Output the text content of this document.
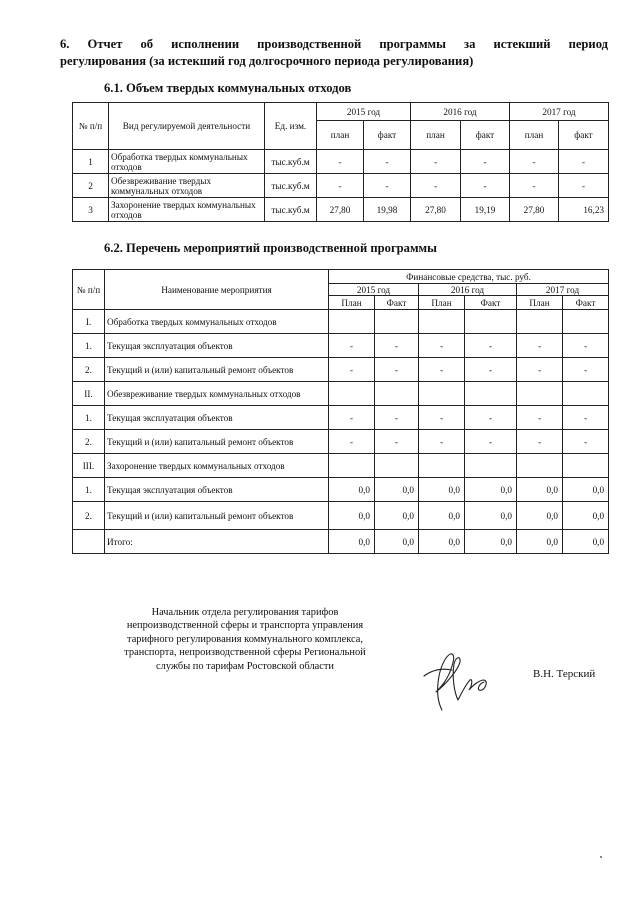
6. Отчет об исполнении производственной программы за истекший период
регулирования (за истекший год долгосрочного периода регулирования)
6.1. Объем твердых коммунальных отходов
№ п/п	Вид регулируемой деятельности	Ед. изм.	2015 год		2016 год		2017 год	
			план	факт	план	факт	план	факт
1	Обработка твердых коммунальных отходов	тыс.куб.м	-	-	-	-	-	-
2	Обезвреживание твердых коммунальных отходов	тыс.куб.м	-	-	-	-	-	-
3	Захоронение твердых коммунальных отходов	тыс.куб.м	27,80	19,98	27,80	19,19	27,80	16,23
6.2. Перечень мероприятий производственной программы
№ п/п	Наименование мероприятия	Финансовые средства, тыс. руб.					
		2015 год		2016 год		2017 год	
		План	Факт	План	Факт	План	Факт
I.	Обработка твердых коммунальных отходов						
1.	Текущая эксплуатация объектов	-	-	-	-	-	-
2.	Текущий и (или) капитальный ремонт объектов	-	-	-	-	-	-
II.	Обезвреживание твердых коммунальных отходов						
1.	Текущая эксплуатация объектов	-	-	-	-	-	-
2.	Текущий и (или) капитальный ремонт объектов	-	-	-	-	-	-
III.	Захоронение твердых коммунальных отходов						
1.	Текущая эксплуатация объектов	0,0	0,0	0,0	0,0	0,0	0,0
2.	Текущий и (или) капитальный ремонт объектов	0,0	0,0	0,0	0,0	0,0	0,0
	Итого:	0,0	0,0	0,0	0,0	0,0	0,0
Начальник отдела регулирования тарифов
непроизводственной сферы и транспорта управления
тарифного регулирования коммунального комплекса,
транспорта, непроизводственной сферы Региональной
службы по тарифам Ростовской области
В.Н. Терский
